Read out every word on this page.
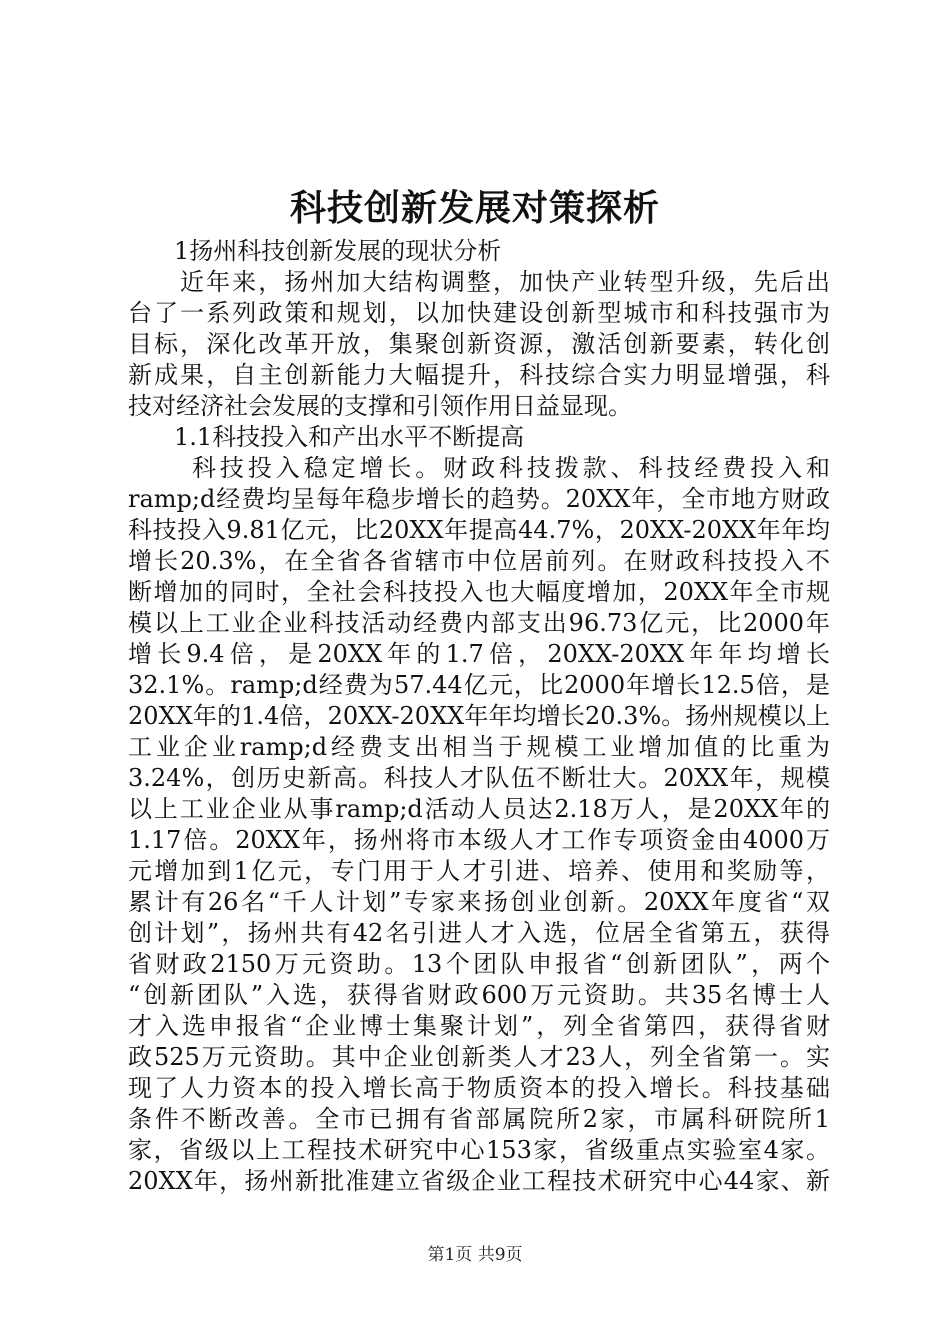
科技创新发展对策探析
1扬州科技创新发展的现状分析
近年来，扬州加大结构调整，加快产业转型升级，先后出
台了一系列政策和规划，以加快建设创新型城市和科技强市为
目标，深化改革开放，集聚创新资源，激活创新要素，转化创
新成果，自主创新能力大幅提升，科技综合实力明显增强，科
技对经济社会发展的支撑和引领作用日益显现。
1.1科技投入和产出水平不断提高
科技投入稳定增长。财政科技拨款、科技经费投入和
ramp;d经费均呈每年稳步增长的趋势。20XX年，全市地方财政
科技投入9.81亿元，比20XX年提高44.7%，20XX-20XX年年均
增长20.3%，在全省各省辖市中位居前列。在财政科技投入不
断增加的同时，全社会科技投入也大幅度增加，20XX年全市规
模以上工业企业科技活动经费内部支出96.73亿元，比2000年
增长9.4倍，是20XX年的1.7倍，20XX-20XX年年均增长
32.1%。ramp;d经费为57.44亿元，比2000年增长12.5倍，是
20XX年的1.4倍，20XX-20XX年年均增长20.3%。扬州规模以上
工业企业ramp;d经费支出相当于规模工业增加值的比重为
3.24%，创历史新高。科技人才队伍不断壮大。20XX年，规模
以上工业企业从事ramp;d活动人员达2.18万人，是20XX年的
1.17倍。20XX年，扬州将市本级人才工作专项资金由4000万
元增加到1亿元，专门用于人才引进、培养、使用和奖励等，
累计有26名“千人计划”专家来扬创业创新。20XX年度省“双
创计划”，扬州共有42名引进人才入选，位居全省第五，获得
省财政2150万元资助。13个团队申报省“创新团队”，两个
“创新团队”入选，获得省财政600万元资助。共35名博士人
才入选申报省“企业博士集聚计划”，列全省第四，获得省财
政525万元资助。其中企业创新类人才23人，列全省第一。实
现了人力资本的投入增长高于物质资本的投入增长。科技基础
条件不断改善。全市已拥有省部属院所2家，市属科研院所1
家，省级以上工程技术研究中心153家，省级重点实验室4家。
20XX年，扬州新批准建立省级企业工程技术研究中心44家、新
第1页 共9页
